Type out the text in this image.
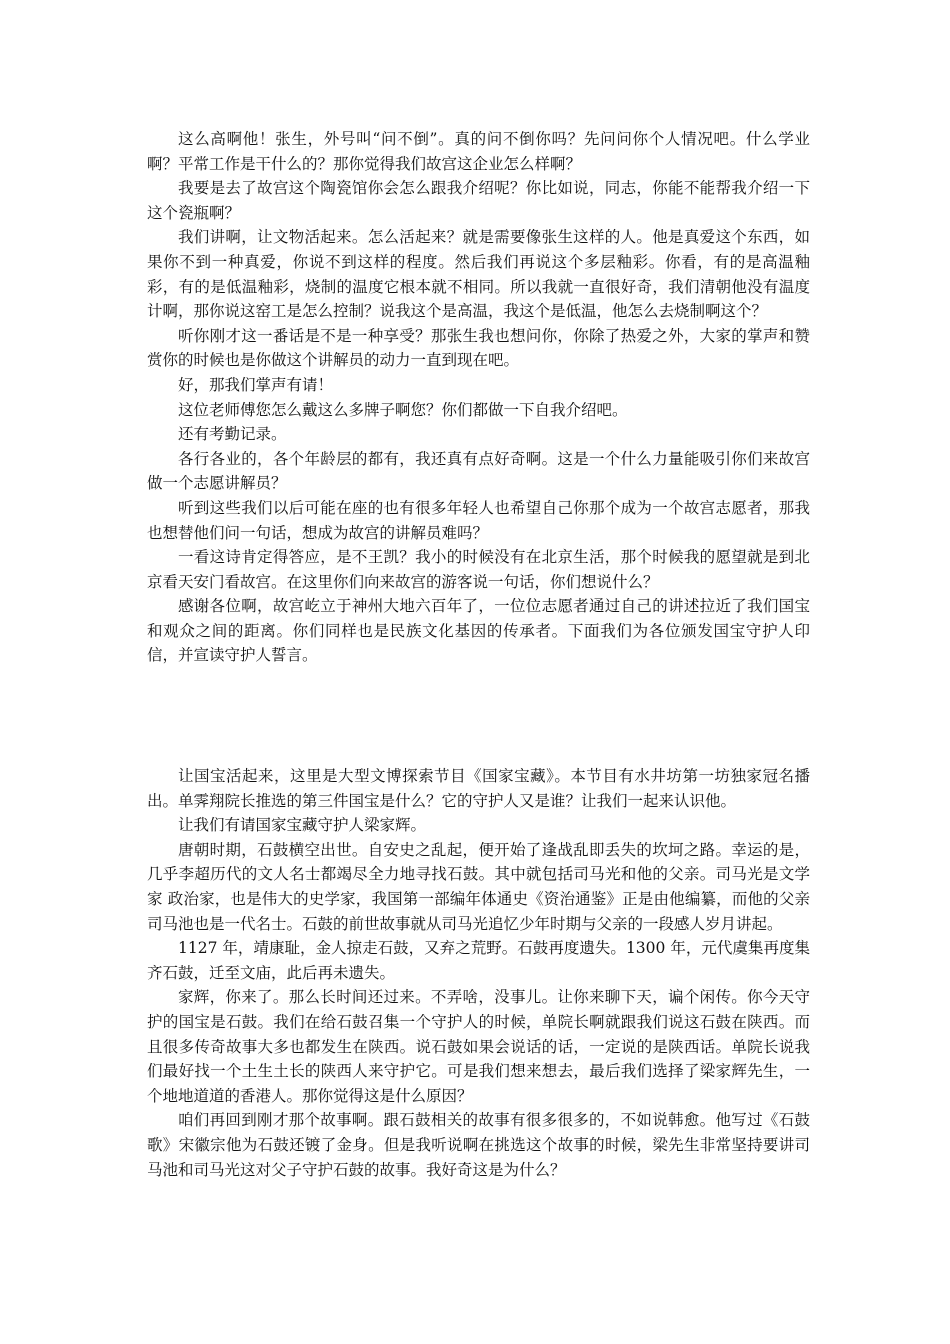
这么高啊他！张生，外号叫“问不倒”。真的问不倒你吗？先问问你个人情况吧。什么学业啊？平常工作是干什么的？那你觉得我们故宫这企业怎么样啊？

我要是去了故宫这个陶瓷馆你会怎么跟我介绍呢？你比如说，同志，你能不能帮我介绍一下这个瓷瓶啊？

我们讲啊，让文物活起来。怎么活起来？就是需要像张生这样的人。他是真爱这个东西，如果你不到一种真爱，你说不到这样的程度。然后我们再说这个多层釉彩。你看，有的是高温釉彩，有的是低温釉彩，烧制的温度它根本就不相同。所以我就一直很好奇，我们清朝他没有温度计啊，那你说这窑工是怎么控制？说我这个是高温，我这个是低温，他怎么去烧制啊这个？

听你刚才这一番话是不是一种享受？那张生我也想问你，你除了热爱之外，大家的掌声和赞赏你的时候也是你做这个讲解员的动力一直到现在吧。

好，那我们掌声有请！

这位老师傅您怎么戴这么多牌子啊您？你们都做一下自我介绍吧。

还有考勤记录。

各行各业的，各个年龄层的都有，我还真有点好奇啊。这是一个什么力量能吸引你们来故宫做一个志愿讲解员？

听到这些我们以后可能在座的也有很多年轻人也希望自己你那个成为一个故宫志愿者，那我也想替他们问一句话，想成为故宫的讲解员难吗？

一看这诗肯定得答应，是不王凯？我小的时候没有在北京生活，那个时候我的愿望就是到北京看天安门看故宫。在这里你们向来故宫的游客说一句话，你们想说什么？

感谢各位啊，故宫屹立于神州大地六百年了，一位位志愿者通过自己的讲述拉近了我们国宝和观众之间的距离。你们同样也是民族文化基因的传承者。下面我们为各位颁发国宝守护人印信，并宣读守护人誓言。

让国宝活起来，这里是大型文博探索节目《国家宝藏》。本节目有水井坊第一坊独家冠名播出。单霁翔院长推选的第三件国宝是什么？它的守护人又是谁？让我们一起来认识他。

让我们有请国家宝藏守护人梁家辉。

唐朝时期，石鼓横空出世。自安史之乱起，便开始了逢战乱即丢失的坎坷之路。幸运的是，几乎李超历代的文人名士都竭尽全力地寻找石鼓。其中就包括司马光和他的父亲。司马光是文学家 政治家，也是伟大的史学家，我国第一部编年体通史《资治通鉴》正是由他编纂，而他的父亲司马池也是一代名士。石鼓的前世故事就从司马光追忆少年时期与父亲的一段感人岁月讲起。

1127 年，靖康耻，金人掠走石鼓，又弃之荒野。石鼓再度遗失。1300 年，元代虞集再度集齐石鼓，迁至文庙，此后再未遗失。

家辉，你来了。那么长时间还过来。不弄啥，没事儿。让你来聊下天，谝个闲传。你今天守护的国宝是石鼓。我们在给石鼓召集一个守护人的时候，单院长啊就跟我们说这石鼓在陕西。而且很多传奇故事大多也都发生在陕西。说石鼓如果会说话的话，一定说的是陕西话。单院长说我们最好找一个土生土长的陕西人来守护它。可是我们想来想去，最后我们选择了梁家辉先生，一个地地道道的香港人。那你觉得这是什么原因？

咱们再回到刚才那个故事啊。跟石鼓相关的故事有很多很多的，不如说韩愈。他写过《石鼓歌》宋徽宗他为石鼓还镀了金身。但是我听说啊在挑选这个故事的时候，梁先生非常坚持要讲司马池和司马光这对父子守护石鼓的故事。我好奇这是为什么？
